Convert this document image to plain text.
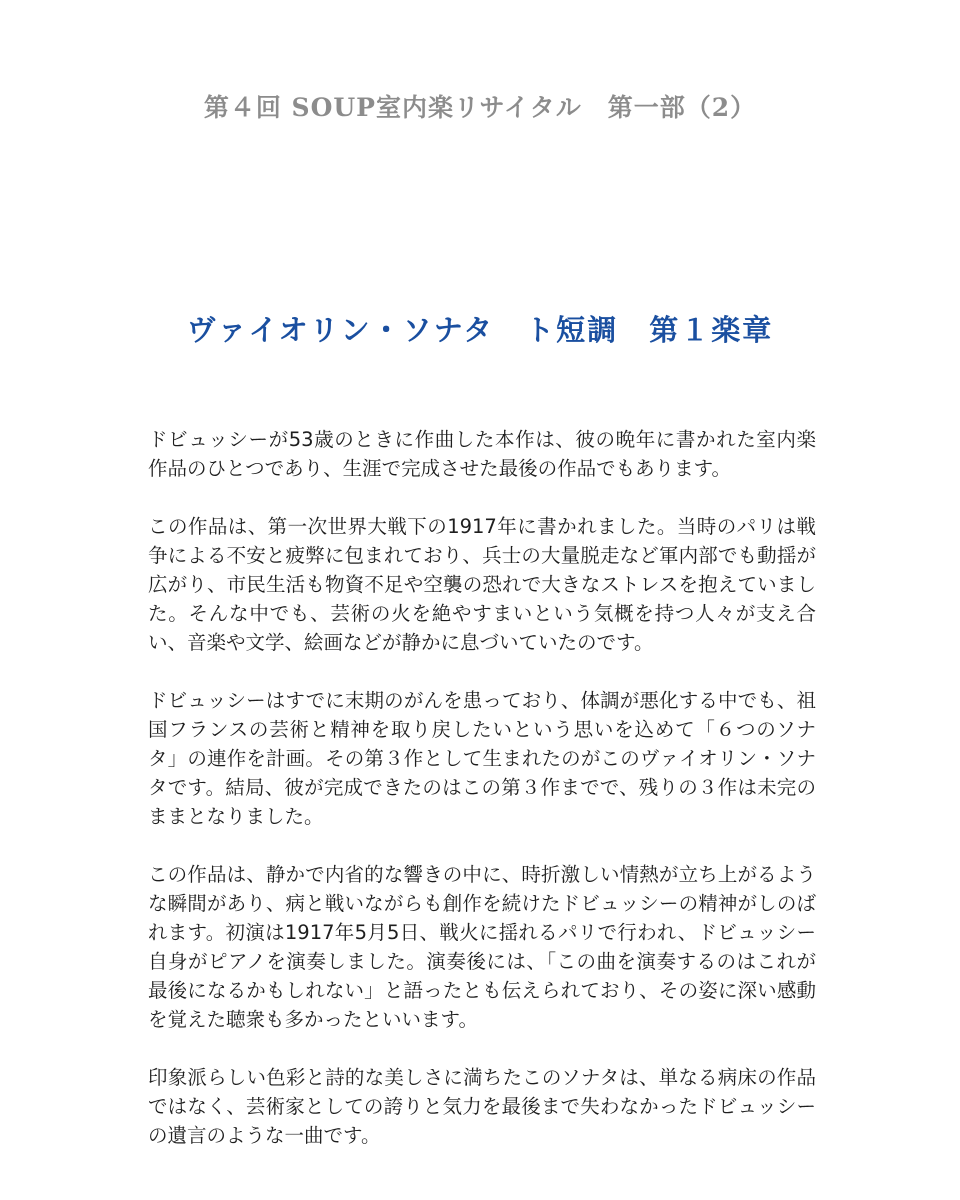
第４回 SOUP室内楽リサイタル　第一部（2）
ヴァイオリン・ソナタ　ト短調　第１楽章

ドビュッシーが53歳のときに作曲した本作は、彼の晩年に書かれた室内楽作品のひとつであり、生涯で完成させた最後の作品でもあります。

この作品は、第一次世界大戦下の1917年に書かれました。当時のパリは戦争による不安と疲弊に包まれており、兵士の大量脱走など軍内部でも動揺が広がり、市民生活も物資不足や空襲の恐れで大きなストレスを抱えていました。そんな中でも、芸術の火を絶やすまいという気概を持つ人々が支え合い、音楽や文学、絵画などが静かに息づいていたのです。

ドビュッシーはすでに末期のがんを患っており、体調が悪化する中でも、祖国フランスの芸術と精神を取り戻したいという思いを込めて「６つのソナタ」の連作を計画。その第３作として生まれたのがこのヴァイオリン・ソナタです。結局、彼が完成できたのはこの第３作までで、残りの３作は未完のままとなりました。

この作品は、静かで内省的な響きの中に、時折激しい情熱が立ち上がるような瞬間があり、病と戦いながらも創作を続けたドビュッシーの精神がしのばれます。初演は1917年5月5日、戦火に揺れるパリで行われ、ドビュッシー自身がピアノを演奏しました。演奏後には、「この曲を演奏するのはこれが最後になるかもしれない」と語ったとも伝えられており、その姿に深い感動を覚えた聴衆も多かったといいます。

印象派らしい色彩と詩的な美しさに満ちたこのソナタは、単なる病床の作品ではなく、芸術家としての誇りと気力を最後まで失わなかったドビュッシーの遺言のような一曲です。
